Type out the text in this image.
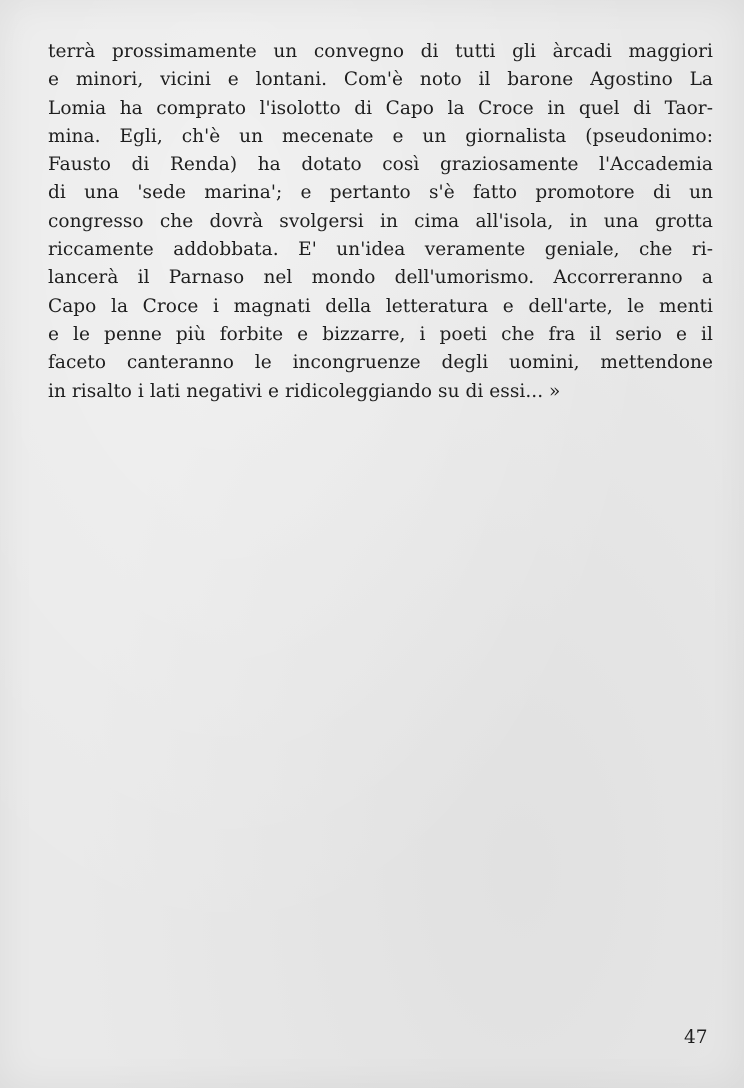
terrà prossimamente un convegno di tutti gli àrcadi maggiori
e minori, vicini e lontani. Com'è noto il barone Agostino La
Lomia ha comprato l'isolotto di Capo la Croce in quel di Taor-
mina. Egli, ch'è un mecenate e un giornalista (pseudonimo:
Fausto di Renda) ha dotato così graziosamente l'Accademia
di una 'sede marina'; e pertanto s'è fatto promotore di un
congresso che dovrà svolgersi in cima all'isola, in una grotta
riccamente addobbata. E' un'idea veramente geniale, che ri-
lancerà il Parnaso nel mondo dell'umorismo. Accorreranno a
Capo la Croce i magnati della letteratura e dell'arte, le menti
e le penne più forbite e bizzarre, i poeti che fra il serio e il
faceto canteranno le incongruenze degli uomini, mettendone
in risalto i lati negativi e ridicoleggiando su di essi... »
47
